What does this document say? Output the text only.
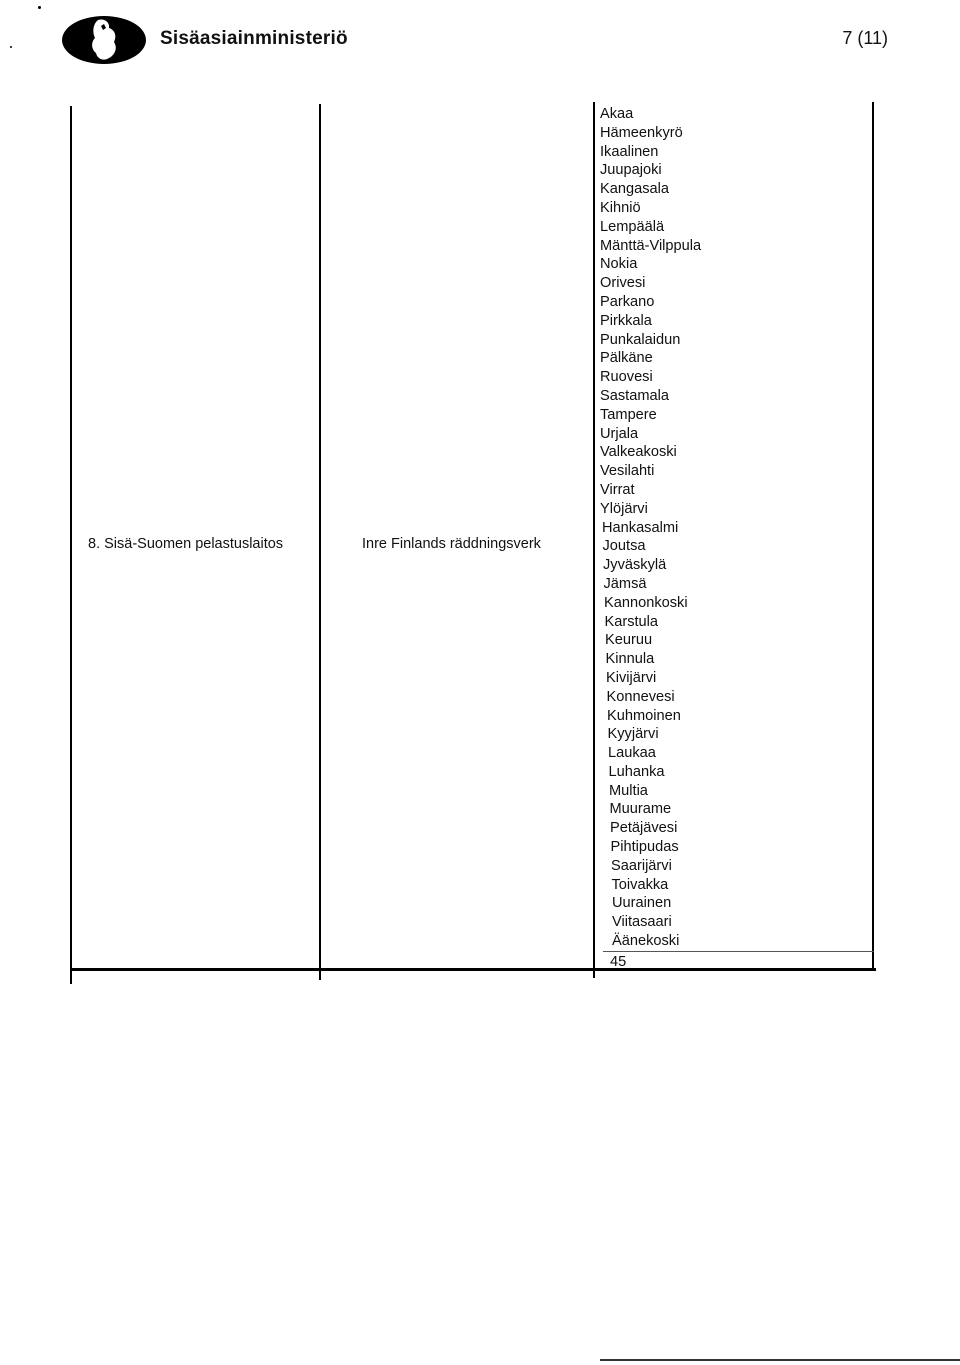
Sisäasiainministeriö	7 (11)
8. Sisä-Suomen pelastuslaitos	Inre Finlands räddningsverk
Akaa
Hämeenkyrö
Ikaalinen
Juupajoki
Kangasala
Kihniö
Lempäälä
Mänttä-Vilppula
Nokia
Orivesi
Parkano
Pirkkala
Punkalaidun
Pälkäne
Ruovesi
Sastamala
Tampere
Urjala
Valkeakoski
Vesilahti
Virrat
Ylöjärvi
Hankasalmi
Joutsa
Jyväskylä
Jämsä
Kannonkoski
Karstula
Keuruu
Kinnula
Kivijärvi
Konnevesi
Kuhmoinen
Kyyjärvi
Laukaa
Luhanka
Multia
Muurame
Petäjävesi
Pihtipudas
Saarijärvi
Toivakka
Uurainen
Viitasaari
Äänekoski
45
